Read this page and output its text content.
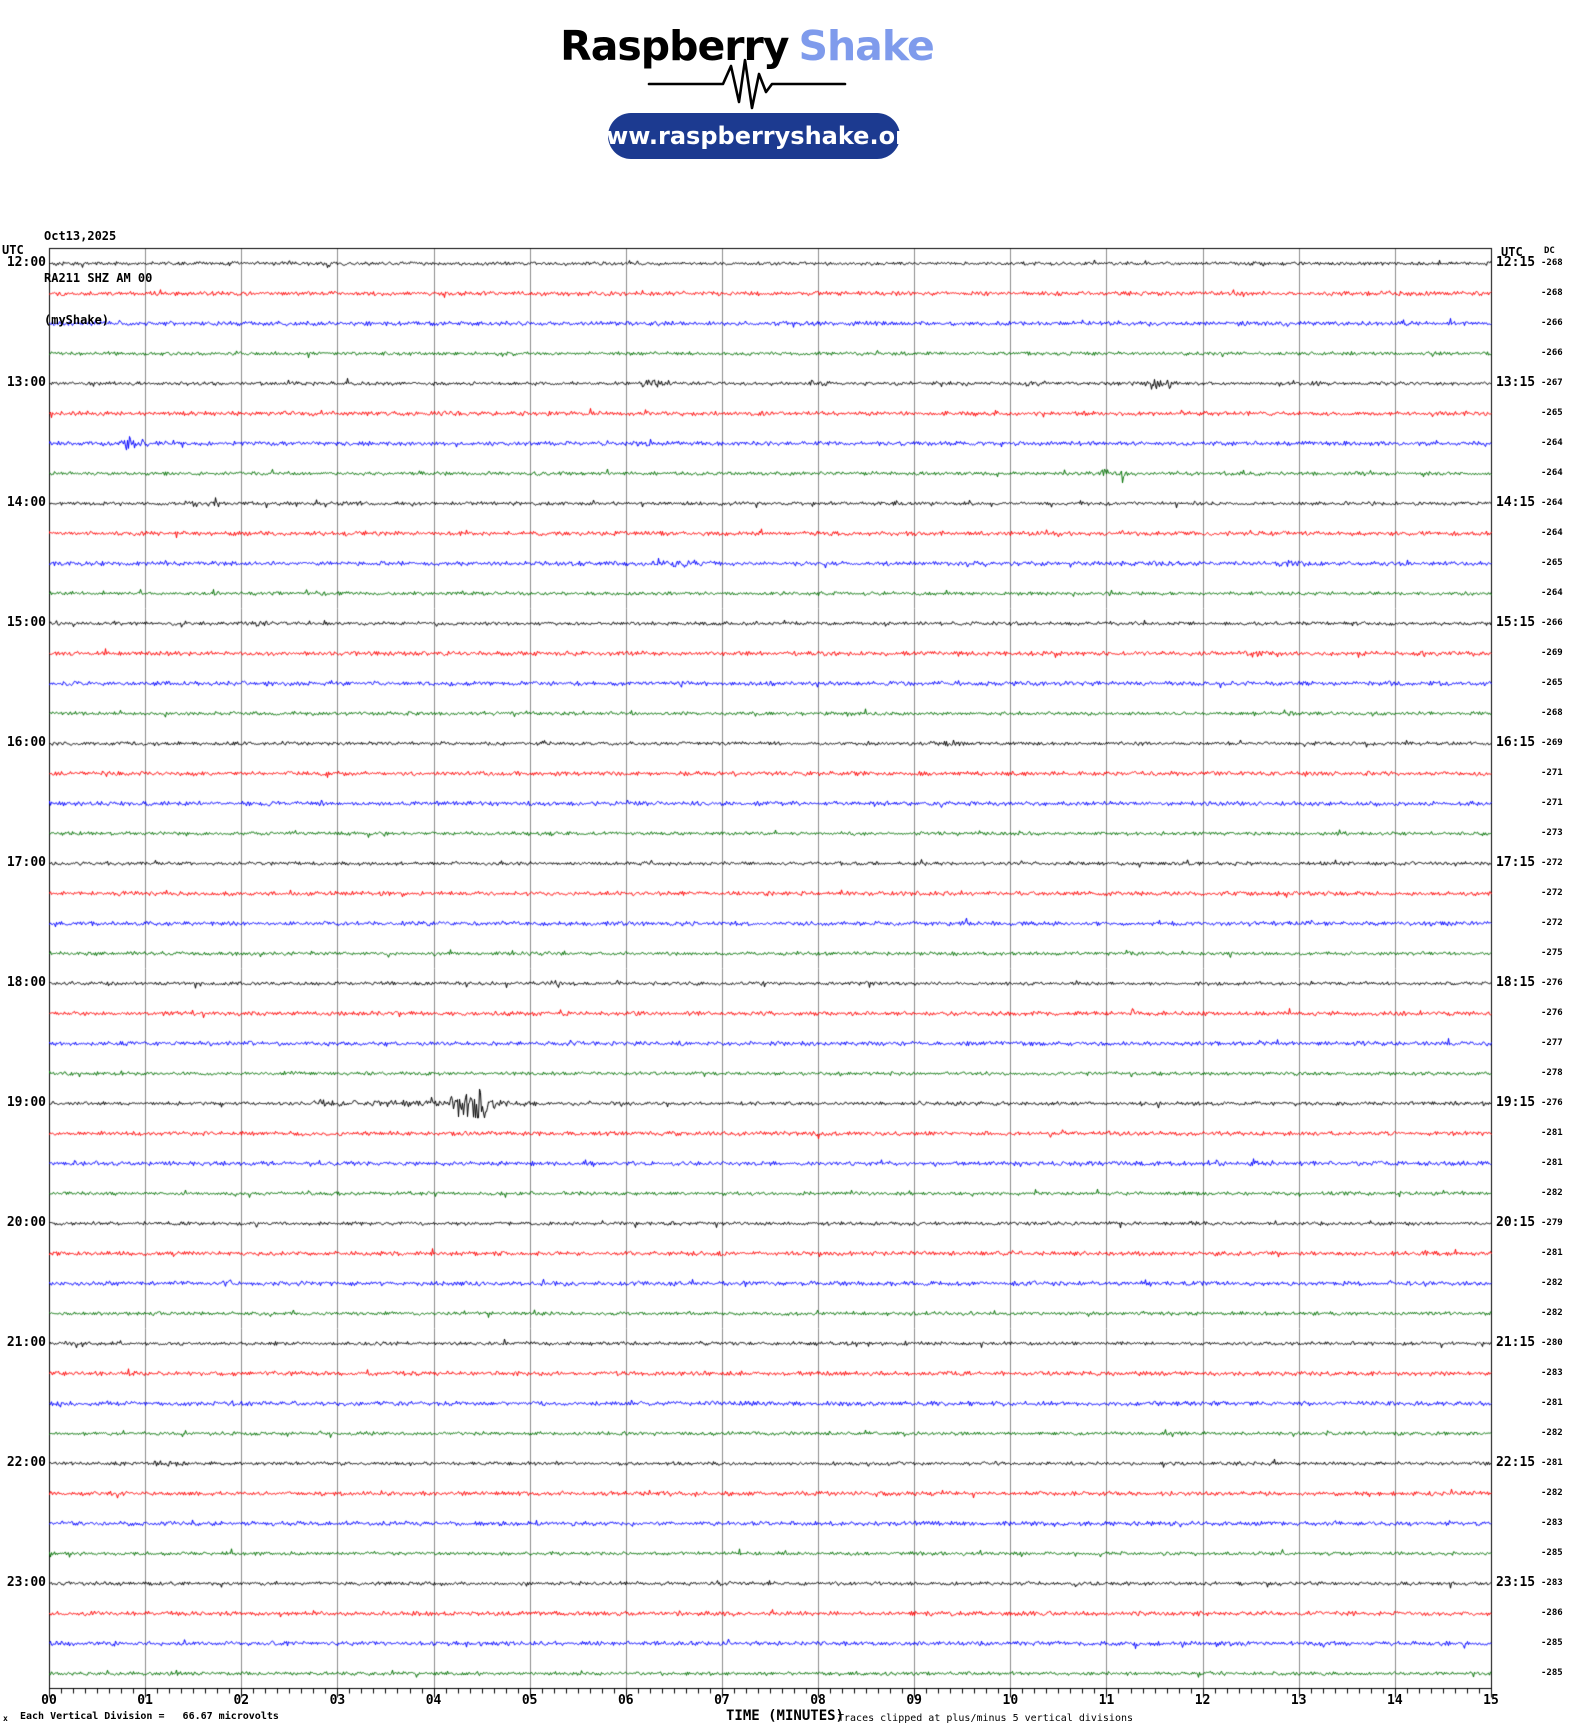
Raspberry Shake
www.raspberryshake.org

Oct13,2025

RA211 SHZ AM 00

(myShake)

UTC	UTC DC
12:00
13:00
14:00
15:00
16:00
17:00
18:00
19:00
20:00
21:00
22:00
23:00
12:15
13:15
14:15
15:15
16:15
17:15
18:15
19:15
20:15
21:15
22:15
23:15
-268
-268
-266
-266
-267
-265
-264
-264
-264
-264
-265
-264
-266
-269
-265
-268
-269
-271
-271
-273
-272
-272
-272
-275
-276
-276
-277
-278
-276
-281
-281
-282
-279
-281
-282
-282
-280
-283
-281
-282
-281
-282
-283
-285
-283
-286
-285
-285
00	01	02	03	04	05	06	07	08	09	10	11	12	13	14	15
x Each Vertical Division =   66.67 microvolts	TIME (MINUTES)
Traces clipped at plus/minus 5 vertical divisions
